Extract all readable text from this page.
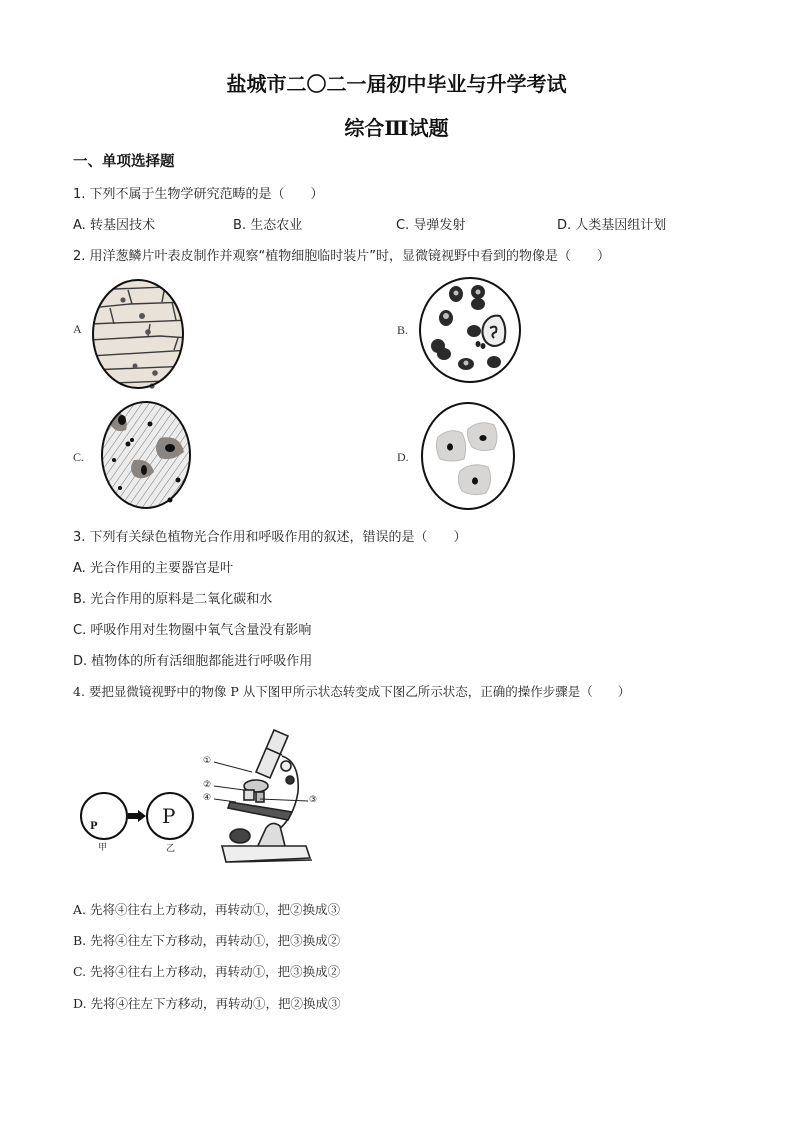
盐城市二〇二一届初中毕业与升学考试
综合Ⅲ试题
一、单项选择题
1. 下列不属于生物学研究范畴的是（　　）
A. 转基因技术	B. 生态农业	C. 导弹发射	D. 人类基因组计划
2. 用洋葱鳞片叶表皮制作并观察“植物细胞临时装片”时，显微镜视野中看到的物像是（　　）
A	B.
C.	D.
3. 下列有关绿色植物光合作用和呼吸作用的叙述，错误的是（　　）
A. 光合作用的主要器官是叶
B. 光合作用的原料是二氧化碳和水
C. 呼吸作用对生物圈中氧气含量没有影响
D. 植物体的所有活细胞都能进行呼吸作用
4. 要把显微镜视野中的物像 P 从下图甲所示状态转变成下图乙所示状态，正确的操作步骤是（　　）
P
甲
P
乙
①
②
④	③
A. 先将④往右上方移动，再转动①，把②换成③
B. 先将④往左下方移动，再转动①，把③换成②
C. 先将④往右上方移动，再转动①，把③换成②
D. 先将④往左下方移动，再转动①，把②换成③
